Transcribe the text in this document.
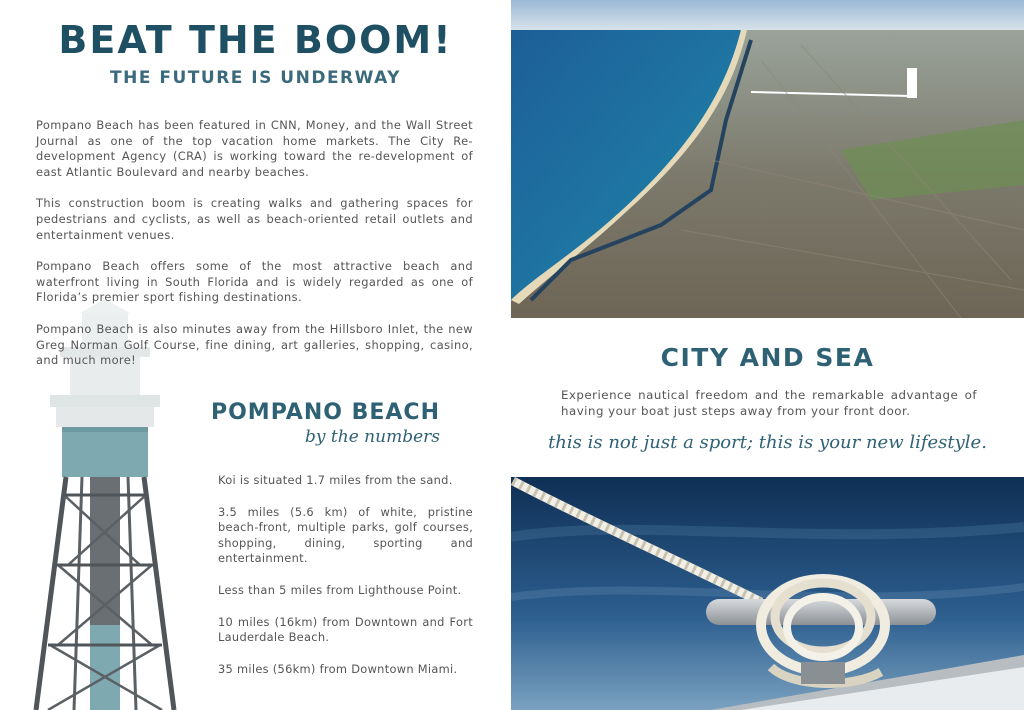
BEAT THE BOOM!
THE FUTURE IS UNDERWAY

Pompano Beach has been featured in CNN, Money, and the Wall Street Journal as one of the top vacation home markets. The City Re-development Agency (CRA) is working toward the re-development of east Atlantic Boulevard and nearby beaches.

This construction boom is creating walks and gathering spaces for pedestrians and cyclists, as well as beach-oriented retail outlets and entertainment venues.

Pompano Beach offers some of the most attractive beach and waterfront living in South Florida and is widely regarded as one of Florida’s premier sport fishing destinations.

Pompano Beach is also minutes away from the Hillsboro Inlet, the new Greg Norman Golf Course, fine dining, art galleries, shopping, casino, and much more!

POMPANO BEACH

by the numbers

Koi is situated 1.7 miles from the sand.
3.5 miles (5.6 km) of white, pristine beach-front, multiple parks, golf courses, shopping, dining, sporting and entertainment.
Less than 5 miles from Lighthouse Point.
10 miles (16km) from Downtown and Fort Lauderdale Beach.
35 miles (56km) from Downtown Miami.
CITY AND SEA

Experience nautical freedom and the remarkable advantage of having your boat just steps away from your front door.

this is not just a sport; this is your new lifestyle.
